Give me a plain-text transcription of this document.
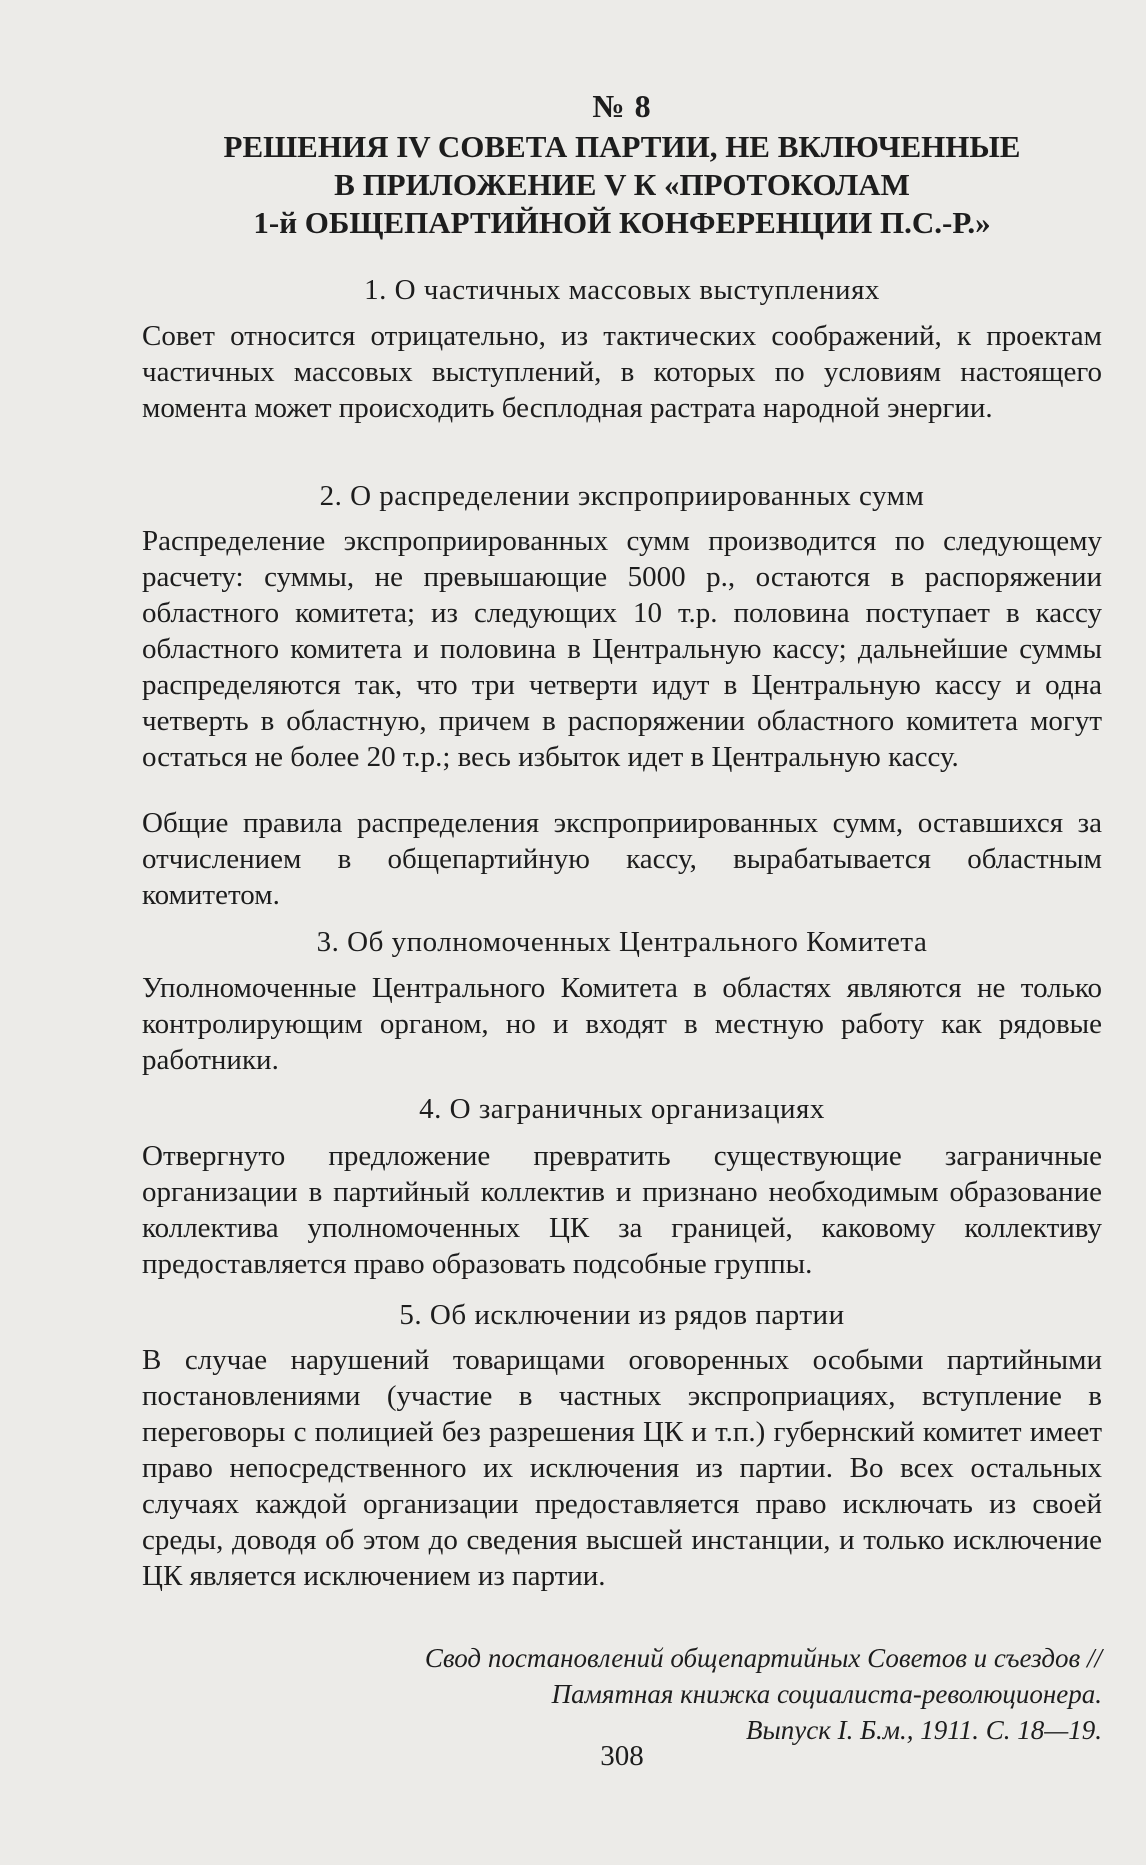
№ 8
РЕШЕНИЯ IV СОВЕТА ПАРТИИ, НЕ ВКЛЮЧЕННЫЕ
В ПРИЛОЖЕНИЕ V К «ПРОТОКОЛАМ
1-й ОБЩЕПАРТИЙНОЙ КОНФЕРЕНЦИИ П.С.-Р.»
1. О частичных массовых выступлениях

Совет относится отрицательно, из тактических соображений, к проектам частичных массовых выступлений, в которых по условиям настоящего момента может происходить бесплодная растрата народной энергии.

2. О распределении экспроприированных сумм

Распределение экспроприированных сумм производится по следующему расчету: суммы, не превышающие 5000 р., остаются в распоряжении областного комитета; из следующих 10 т.р. половина поступает в кассу областного комитета и половина в Центральную кассу; дальнейшие суммы распределяются так, что три четверти идут в Центральную кассу и одна четверть в областную, причем в распоряжении областного комитета могут остаться не более 20 т.р.; весь избыток идет в Центральную кассу.

Общие правила распределения экспроприированных сумм, оставшихся за отчислением в общепартийную кассу, вырабатывается областным комитетом.

3. Об уполномоченных Центрального Комитета

Уполномоченные Центрального Комитета в областях являются не только контролирующим органом, но и входят в местную работу как рядовые работники.

4. О заграничных организациях

Отвергнуто предложение превратить существующие заграничные организации в партийный коллектив и признано необходимым образование коллектива уполномоченных ЦК за границей, каковому коллективу предоставляется право образовать подсобные группы.

5. Об исключении из рядов партии

В случае нарушений товарищами оговоренных особыми партийными постановлениями (участие в частных экспроприациях, вступление в переговоры с полицией без разрешения ЦК и т.п.) губернский комитет имеет право непосредственного их исключения из партии. Во всех остальных случаях каждой организации предоставляется право исключать из своей среды, доводя об этом до сведения высшей инстанции, и только исключение ЦК является исключением из партии.

Свод постановлений общепартийных Советов и съездов //
Памятная книжка социалиста-революционера.
Выпуск I. Б.м., 1911. С. 18—19.
308
